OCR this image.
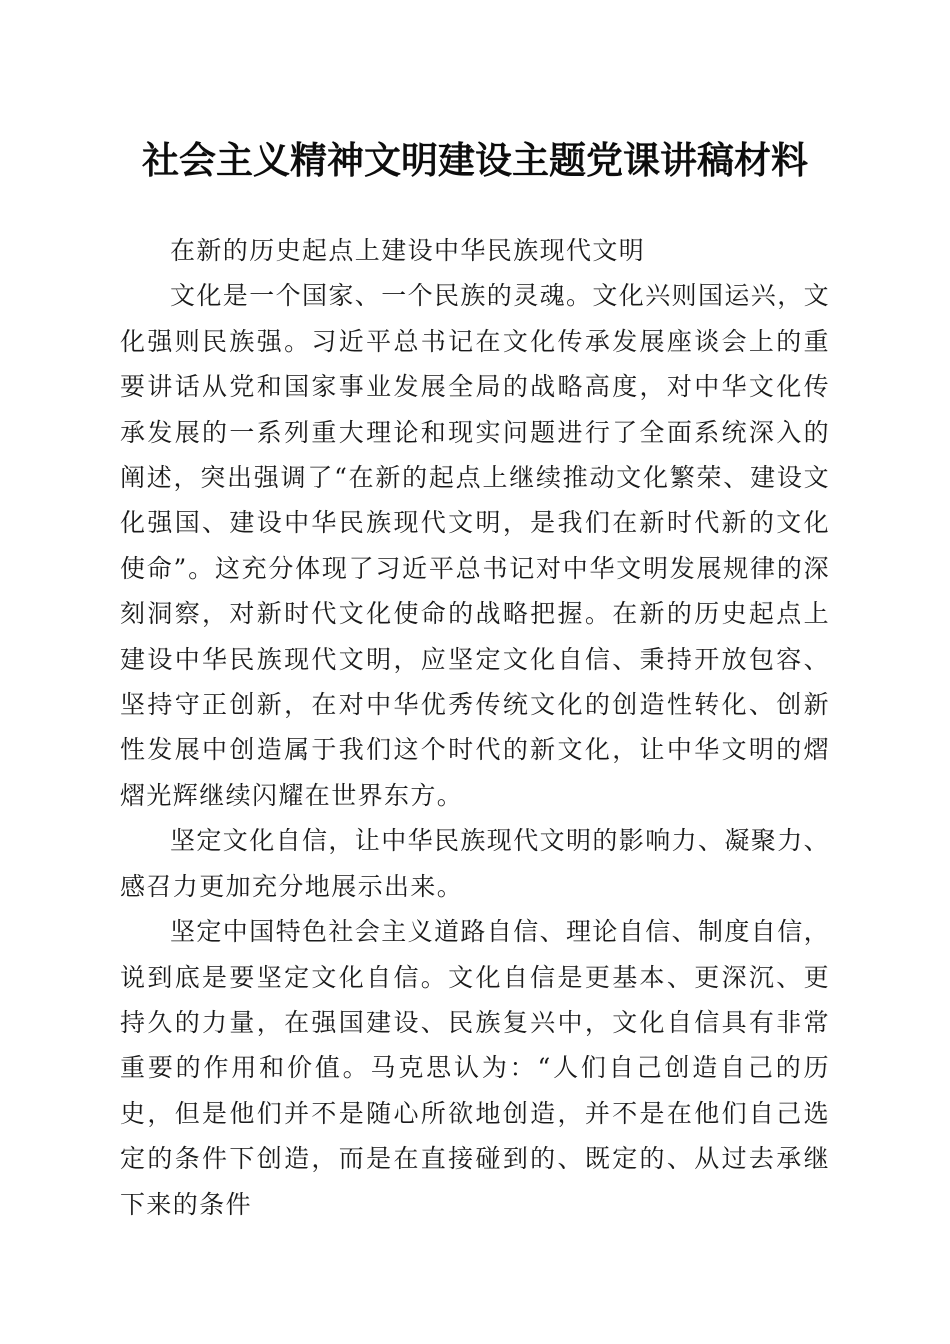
社会主义精神文明建设主题党课讲稿材料

在新的历史起点上建设中华民族现代文明

文化是一个国家、一个民族的灵魂。文化兴则国运兴，文化强则民族强。习近平总书记在文化传承发展座谈会上的重要讲话从党和国家事业发展全局的战略高度，对中华文化传承发展的一系列重大理论和现实问题进行了全面系统深入的阐述，突出强调了“在新的起点上继续推动文化繁荣、建设文化强国、建设中华民族现代文明，是我们在新时代新的文化使命”。这充分体现了习近平总书记对中华文明发展规律的深刻洞察，对新时代文化使命的战略把握。在新的历史起点上建设中华民族现代文明，应坚定文化自信、秉持开放包容、坚持守正创新，在对中华优秀传统文化的创造性转化、创新性发展中创造属于我们这个时代的新文化，让中华文明的熠熠光辉继续闪耀在世界东方。

坚定文化自信，让中华民族现代文明的影响力、凝聚力、感召力更加充分地展示出来。

坚定中国特色社会主义道路自信、理论自信、制度自信，说到底是要坚定文化自信。文化自信是更基本、更深沉、更持久的力量，在强国建设、民族复兴中，文化自信具有非常重要的作用和价值。马克思认为：“人们自己创造自己的历史，但是他们并不是随心所欲地创造，并不是在他们自己选定的条件下创造，而是在直接碰到的、既定的、从过去承继下来的条件
